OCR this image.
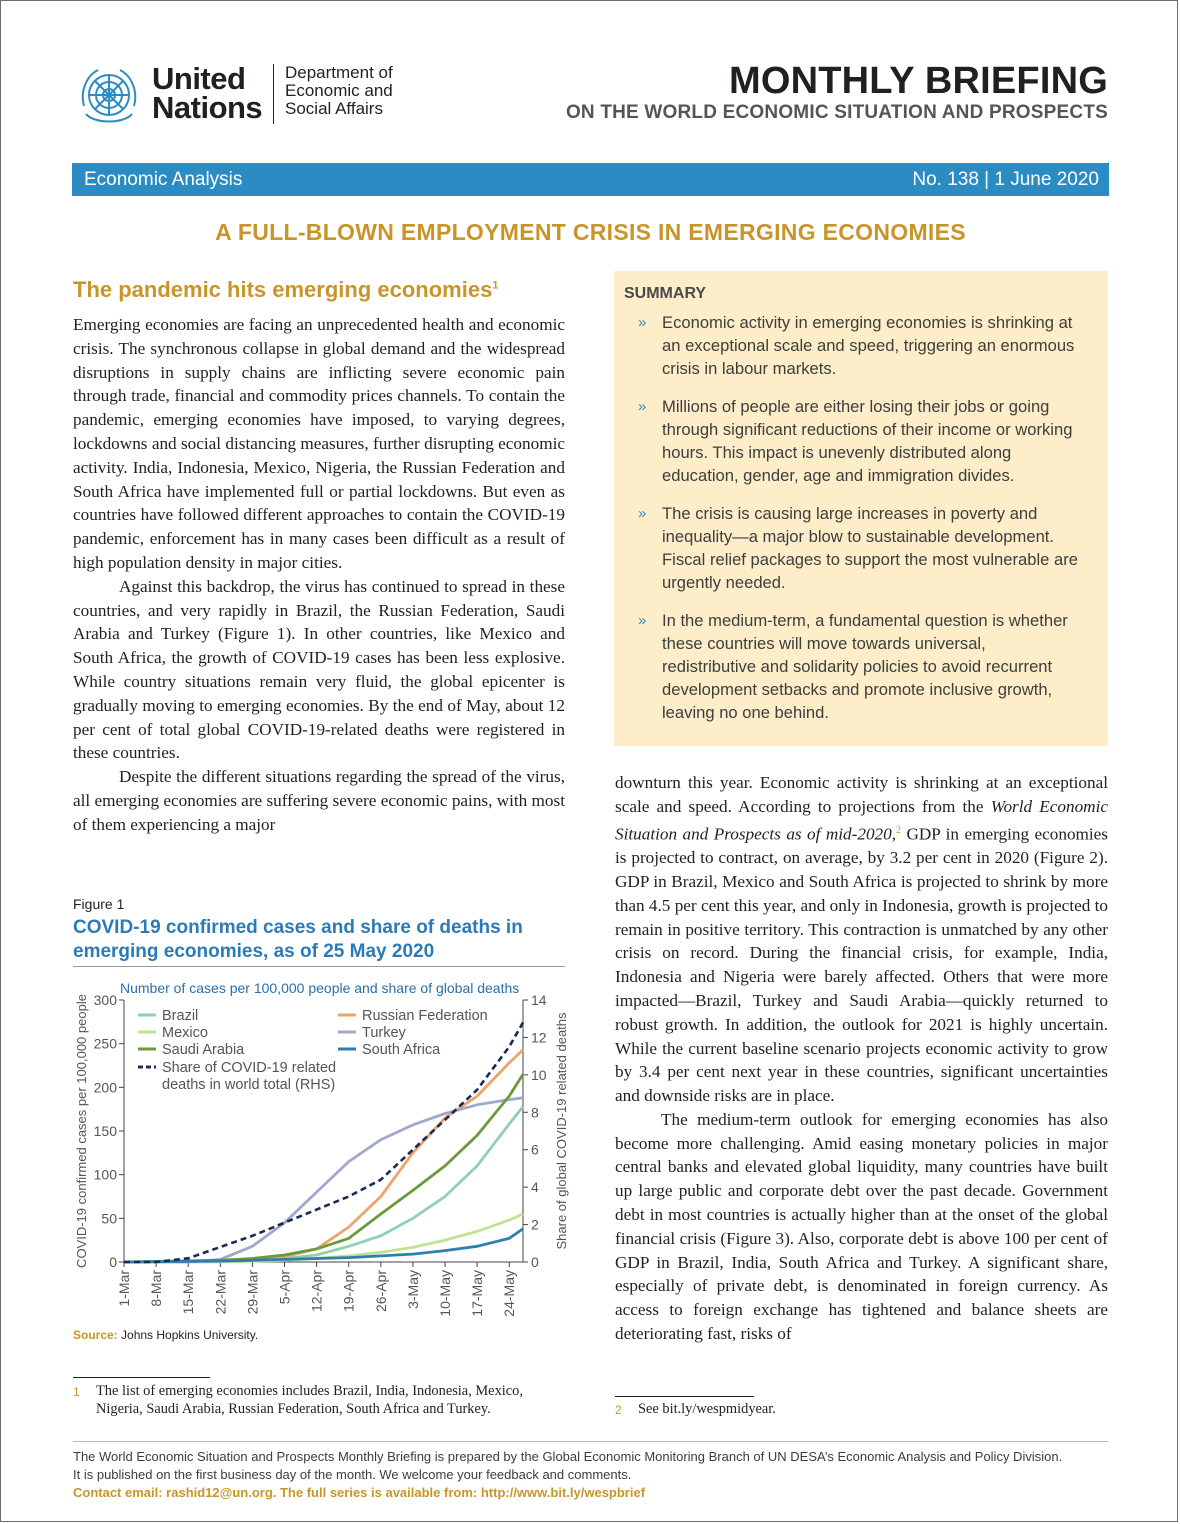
United
Nations
Department of
Economic and
Social Affairs
MONTHLY BRIEFING
ON THE WORLD ECONOMIC SITUATION AND PROSPECTS
Economic Analysis	No. 138 | 1 June 2020
A FULL-BLOWN EMPLOYMENT CRISIS IN EMERGING ECONOMIES
The pandemic hits emerging economies$^1$

Emerging economies are facing an unprecedented health and economic crisis. The synchronous collapse in global demand and the widespread disruptions in supply chains are inflicting severe economic pain through trade, financial and commodity prices channels. To contain the pandemic, emerging economies have imposed, to varying degrees, lockdowns and social distancing measures, further disrupting economic activity. India, Indonesia, Mexico, Nigeria, the Russian Federation and South Africa have implemented full or partial lockdowns. But even as countries have followed different approaches to contain the COVID-19 pandemic, enforcement has in many cases been difficult as a result of high population density in major cities.

Against this backdrop, the virus has continued to spread in these countries, and very rapidly in Brazil, the Russian Federation, Saudi Arabia and Turkey (Figure 1). In other countries, like Mexico and South Africa, the growth of COVID-19 cases has been less explosive. While country situations remain very fluid, the global epicenter is gradually moving to emerging economies. By the end of May, about 12 per cent of total global COVID-19-related deaths were registered in these countries.

Despite the different situations regarding the spread of the virus, all emerging economies are suffering severe economic pains, with most of them experiencing a major

Figure 1
COVID-19 confirmed cases and share of deaths in emerging economies, as of 25 May 2020
Number of cases per 100,000 people and share of global deaths
0
50
100
150
200
250
300
0
2
4
6
8
10
12
14
1-Mar 8-Mar 15-Mar 22-Mar 29-Mar 5-Apr 12-Apr 19-Apr 26-Apr 3-May 10-May 17-May 24-May
COVID-19 confirmed cases per 100,000 people	Share of global COVID-19 related deaths
Brazil	Russian Federation
Mexico	Turkey
Saudi Arabia	South Africa
Share of COVID-19 related deaths in world total (RHS)
Source: Johns Hopkins University.
1 The list of emerging economies includes Brazil, India, Indonesia, Mexico, Nigeria, Saudi Arabia, Russian Federation, South Africa and Turkey.
SUMMARY
» Economic activity in emerging economies is shrinking at an exceptional scale and speed, triggering an enormous crisis in labour markets.
» Millions of people are either losing their jobs or going through significant reductions of their income or working hours. This impact is unevenly distributed along education, gender, age and immigration divides.
» The crisis is causing large increases in poverty and inequality—a major blow to sustainable development. Fiscal relief packages to support the most vulnerable are urgently needed.
» In the medium-term, a fundamental question is whether these countries will move towards universal, redistributive and solidarity policies to avoid recurrent development setbacks and promote inclusive growth, leaving no one behind.

downturn this year. Economic activity is shrinking at an exceptional scale and speed. According to projections from the World Economic Situation and Prospects as of mid-2020,$^2$ GDP in emerging economies is projected to contract, on average, by 3.2 per cent in 2020 (Figure 2). GDP in Brazil, Mexico and South Africa is projected to shrink by more than 4.5 per cent this year, and only in Indonesia, growth is projected to remain in positive territory. This contraction is unmatched by any other crisis on record. During the financial crisis, for example, India, Indonesia and Nigeria were barely affected. Others that were more impacted—Brazil, Turkey and Saudi Arabia—quickly returned to robust growth. In addition, the outlook for 2021 is highly uncertain. While the current baseline scenario projects economic activity to grow by 3.4 per cent next year in these countries, significant uncertainties and downside risks are in place.

The medium-term outlook for emerging economies has also become more challenging. Amid easing monetary policies in major central banks and elevated global liquidity, many countries have built up large public and corporate debt over the past decade. Government debt in most countries is actually higher than at the onset of the global financial crisis (Figure 3). Also, corporate debt is above 100 per cent of GDP in Brazil, India, South Africa and Turkey. A significant share, especially of private debt, is denominated in foreign currency. As access to foreign exchange has tightened and balance sheets are deteriorating fast, risks of

2 See bit.ly/wespmidyear.
The World Economic Situation and Prospects Monthly Briefing is prepared by the Global Economic Monitoring Branch of UN DESA’s Economic Analysis and Policy Division.
It is published on the first business day of the month. We welcome your feedback and comments.
Contact email: rashid12@un.org. The full series is available from: http://www.bit.ly/wespbrief
